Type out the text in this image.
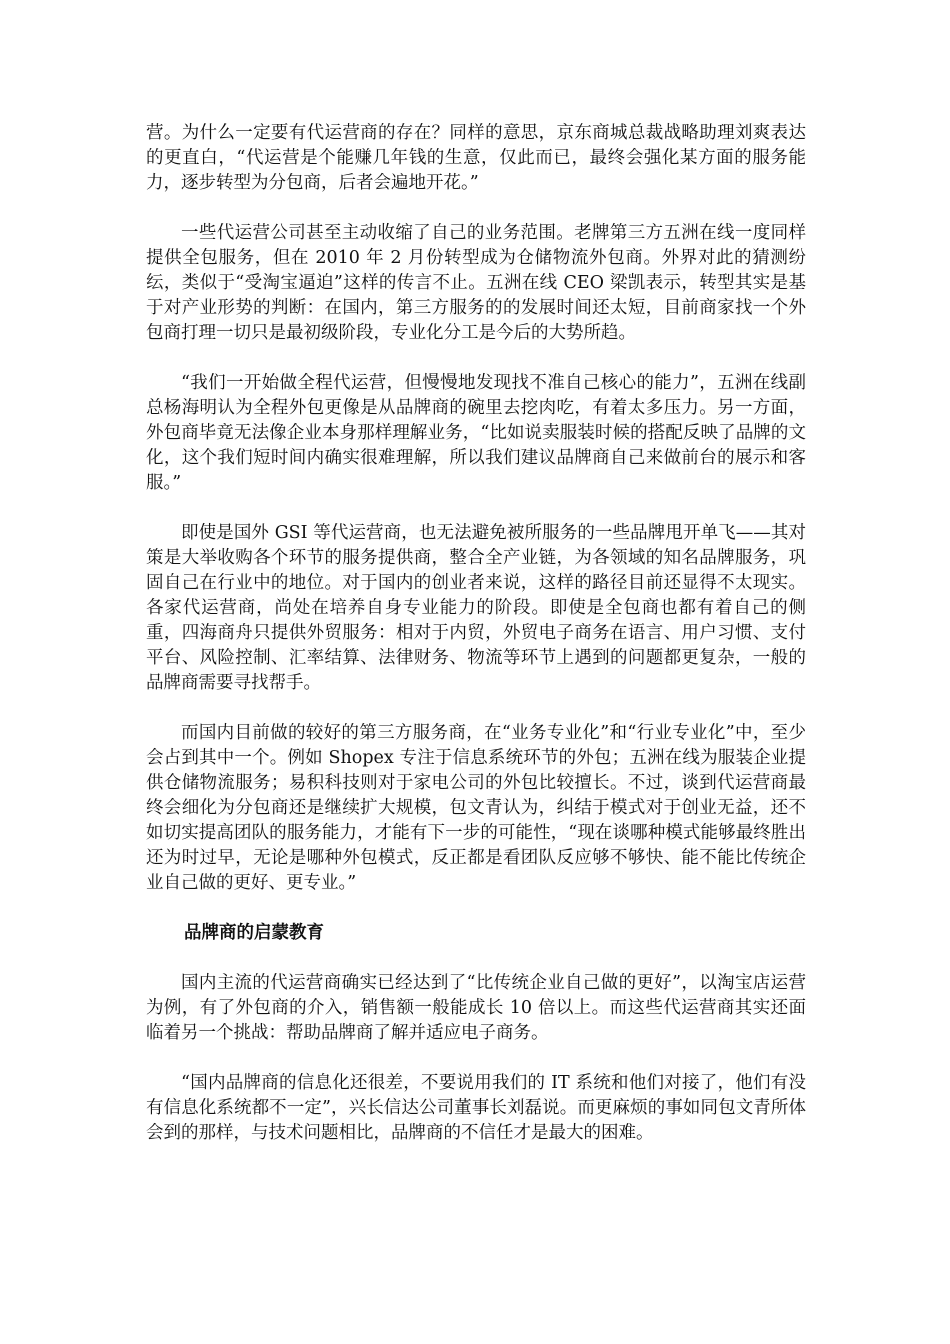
营。为什么一定要有代运营商的存在？同样的意思，京东商城总裁战略助理刘爽表达的更直白，“代运营是个能赚几年钱的生意，仅此而已，最终会强化某方面的服务能力，逐步转型为分包商，后者会遍地开花。”

一些代运营公司甚至主动收缩了自己的业务范围。老牌第三方五洲在线一度同样提供全包服务，但在 2010 年 2 月份转型成为仓储物流外包商。外界对此的猜测纷纭，类似于“受淘宝逼迫”这样的传言不止。五洲在线 CEO 梁凯表示，转型其实是基于对产业形势的判断：在国内，第三方服务的的发展时间还太短，目前商家找一个外包商打理一切只是最初级阶段，专业化分工是今后的大势所趋。

“我们一开始做全程代运营，但慢慢地发现找不准自己核心的能力”，五洲在线副总杨海明认为全程外包更像是从品牌商的碗里去挖肉吃，有着太多压力。另一方面，外包商毕竟无法像企业本身那样理解业务，“比如说卖服装时候的搭配反映了品牌的文化，这个我们短时间内确实很难理解，所以我们建议品牌商自己来做前台的展示和客服。”

即使是国外 GSI 等代运营商，也无法避免被所服务的一些品牌甩开单飞——其对策是大举收购各个环节的服务提供商，整合全产业链，为各领域的知名品牌服务，巩固自己在行业中的地位。对于国内的创业者来说，这样的路径目前还显得不太现实。各家代运营商，尚处在培养自身专业能力的阶段。即使是全包商也都有着自己的侧重，四海商舟只提供外贸服务：相对于内贸，外贸电子商务在语言、用户习惯、支付平台、风险控制、汇率结算、法律财务、物流等环节上遇到的问题都更复杂，一般的品牌商需要寻找帮手。

而国内目前做的较好的第三方服务商，在“业务专业化”和“行业专业化”中，至少会占到其中一个。例如 Shopex 专注于信息系统环节的外包；五洲在线为服装企业提供仓储物流服务；易积科技则对于家电公司的外包比较擅长。不过，谈到代运营商最终会细化为分包商还是继续扩大规模，包文青认为，纠结于模式对于创业无益，还不如切实提高团队的服务能力，才能有下一步的可能性，“现在谈哪种模式能够最终胜出还为时过早，无论是哪种外包模式，反正都是看团队反应够不够快、能不能比传统企业自己做的更好、更专业。”

品牌商的启蒙教育

国内主流的代运营商确实已经达到了“比传统企业自己做的更好”，以淘宝店运营为例，有了外包商的介入，销售额一般能成长 10 倍以上。而这些代运营商其实还面临着另一个挑战：帮助品牌商了解并适应电子商务。

“国内品牌商的信息化还很差，不要说用我们的 IT 系统和他们对接了，他们有没有信息化系统都不一定”，兴长信达公司董事长刘磊说。而更麻烦的事如同包文青所体会到的那样，与技术问题相比，品牌商的不信任才是最大的困难。
